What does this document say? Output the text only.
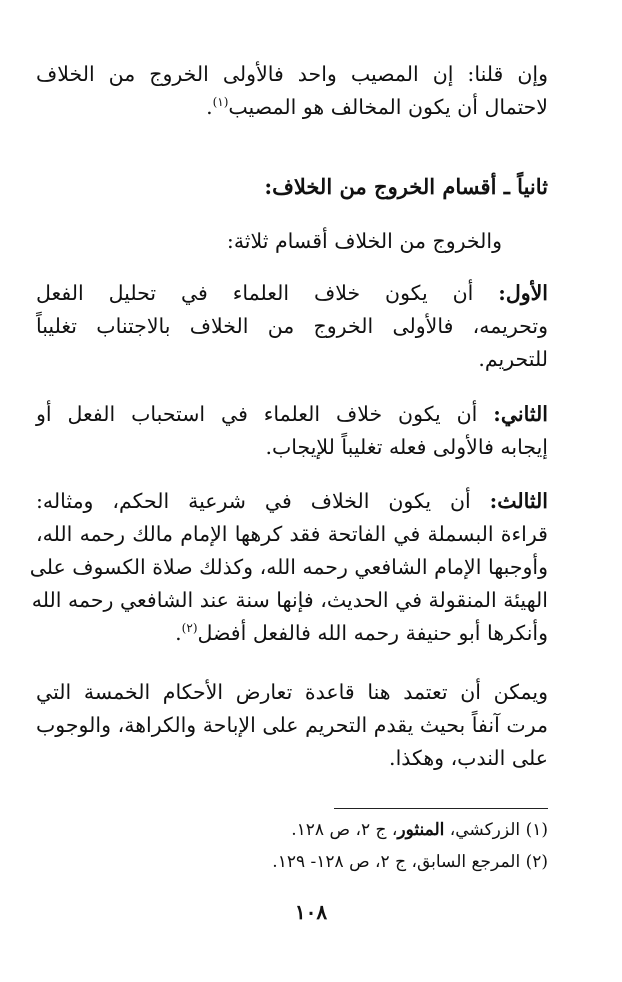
وإن قلنا: إن المصيب واحد فالأولى الخروج من الخلاف
لاحتمال أن يكون المخالف هو المصيب$^{(١)}$.
ثانياً ـ أقسام الخروج من الخلاف:
والخروج من الخلاف أقسام ثلاثة:
الأول: أن يكون خلاف العلماء في تحليل الفعل
وتحريمه، فالأولى الخروج من الخلاف بالاجتناب تغليباً
للتحريم.
الثاني: أن يكون خلاف العلماء في استحباب الفعل أو
إيجابه فالأولى فعله تغليباً للإيجاب.
الثالث: أن يكون الخلاف في شرعية الحكم، ومثاله:
قراءة البسملة في الفاتحة فقد كرهها الإمام مالك رحمه الله،
وأوجبها الإمام الشافعي رحمه الله، وكذلك صلاة الكسوف على
الهيئة المنقولة في الحديث، فإنها سنة عند الشافعي رحمه الله
وأنكرها أبو حنيفة رحمه الله فالفعل أفضل$^{(٢)}$.
ويمكن أن تعتمد هنا قاعدة تعارض الأحكام الخمسة التي
مرت آنفاً بحيث يقدم التحريم على الإباحة والكراهة، والوجوب
على الندب، وهكذا.
(١) الزركشي، المنثور، ج ٢، ص ١٢٨.
(٢) المرجع السابق، ج ٢، ص ١٢٨- ١٢٩.
١٠٨
